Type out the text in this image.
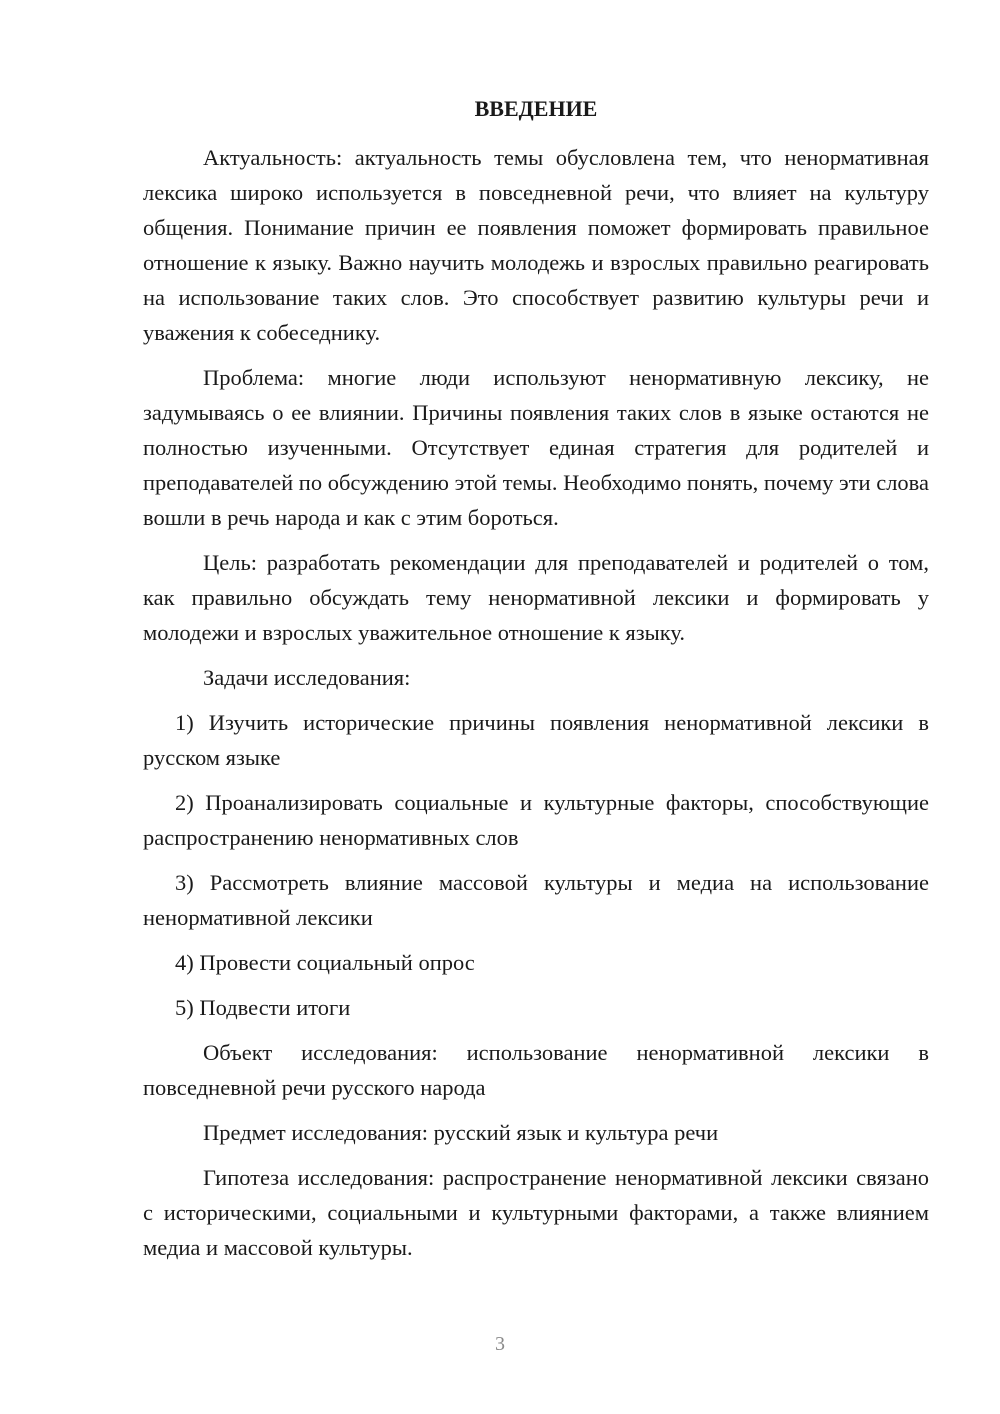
ВВЕДЕНИЕ

Актуальность: актуальность темы обусловлена тем, что ненормативная лексика широко используется в повседневной речи, что влияет на культуру общения. Понимание причин ее появления поможет формировать правильное отношение к языку. Важно научить молодежь и взрослых правильно реагировать на использование таких слов. Это способствует развитию культуры речи и уважения к собеседнику.

Проблема: многие люди используют ненормативную лексику, не задумываясь о ее влиянии. Причины появления таких слов в языке остаются не полностью изученными. Отсутствует единая стратегия для родителей и преподавателей по обсуждению этой темы. Необходимо понять, почему эти слова вошли в речь народа и как с этим бороться.

Цель: разработать рекомендации для преподавателей и родителей о том, как правильно обсуждать тему ненормативной лексики и формировать у молодежи и взрослых уважительное отношение к языку.

Задачи исследования:

1) Изучить исторические причины появления ненормативной лексики в русском языке

2) Проанализировать социальные и культурные факторы, способствующие распространению ненормативных слов

3) Рассмотреть влияние массовой культуры и медиа на использование ненормативной лексики

4) Провести социальный опрос

5) Подвести итоги

Объект исследования: использование ненормативной лексики в повседневной речи русского народа

Предмет исследования: русский язык и культура речи

Гипотеза исследования: распространение ненормативной лексики связано с историческими, социальными и культурными факторами, а также влиянием медиа и массовой культуры.

3
